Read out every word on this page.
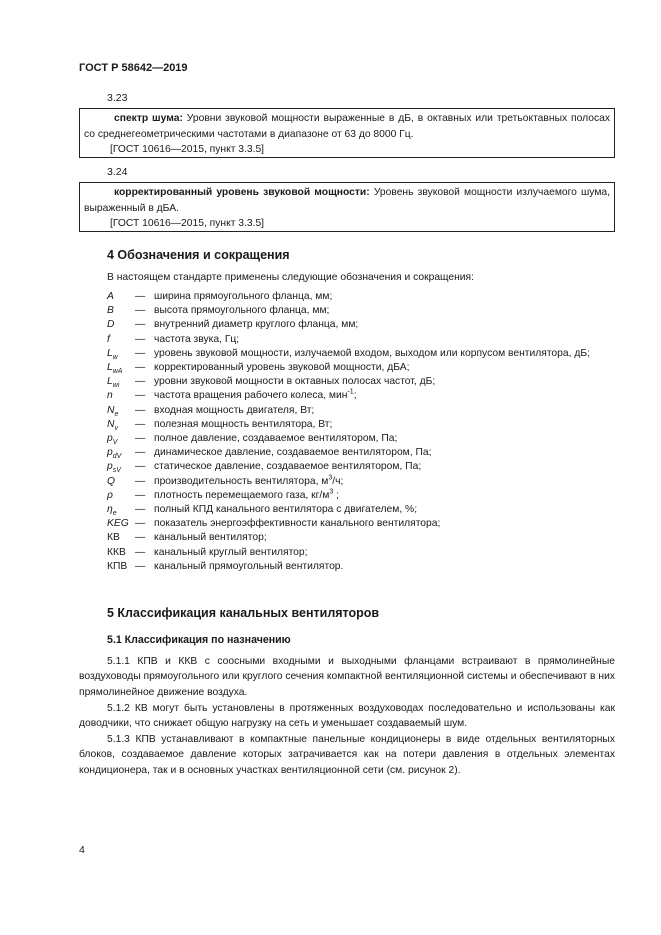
ГОСТ Р 58642—2019
3.23

спектр шума: Уровни звуковой мощности выраженные в дБ, в октавных или третьоктавных полосах со среднегеометрическими частотами в диапазоне от 63 до 8000 Гц.

[ГОСТ 10616—2015, пункт 3.3.5]

3.24

корректированный уровень звуковой мощности: Уровень звуковой мощности излучаемого шума, выраженный в дБА.

[ГОСТ 10616—2015, пункт 3.3.5]

4 Обозначения и сокращения
В настоящем стандарте применены следующие обозначения и сокращения:
A	— ширина прямоугольного фланца, мм;
B	— высота прямоугольного фланца, мм;
D	— внутренний диаметр круглого фланца, мм;
f	— частота звука, Гц;
$L_w$	— уровень звуковой мощности, излучаемой входом, выходом или корпусом вентилятора, дБ;
$L_{wA}$	— корректированный уровень звуковой мощности, дБА;
$L_{wi}$	— уровни звуковой мощности в октавных полосах частот, дБ;
n	— частота вращения рабочего колеса, мин$^{-1}$;
$N_e$	— входная мощность двигателя, Вт;
$N_v$	— полезная мощность вентилятора, Вт;
$p_V$	— полное давление, создаваемое вентилятором, Па;
$p_{dV}$	— динамическое давление, создаваемое вентилятором, Па;
$p_{sV}$	— статическое давление, создаваемое вентилятором, Па;
Q	— производительность вентилятора, $м^3/ч$;
ρ	— плотность перемещаемого газа, $кг/м^3$ ;
$\eta_e$	— полный КПД канального вентилятора с двигателем, %;
KEG — показатель энергоэффективности канального вентилятора;
КВ	— канальный вентилятор;
ККВ — канальный круглый вентилятор;
КПВ — канальный прямоугольный вентилятор.
5 Классификация канальных вентиляторов
5.1 Классификация по назначению

5.1.1 КПВ и ККВ с соосными входными и выходными фланцами встраивают в прямолинейные воздуховоды прямоугольного или круглого сечения компактной вентиляционной системы и обеспечивают в них прямолинейное движение воздуха.

5.1.2 КВ могут быть установлены в протяженных воздуховодах последовательно и использованы как доводчики, что снижает общую нагрузку на сеть и уменьшает создаваемый шум.

5.1.3 КПВ устанавливают в компактные панельные кондиционеры в виде отдельных вентиляторных блоков, создаваемое давление которых затрачивается как на потери давления в отдельных элементах кондиционера, так и в основных участках вентиляционной сети (см. рисунок 2).

4
